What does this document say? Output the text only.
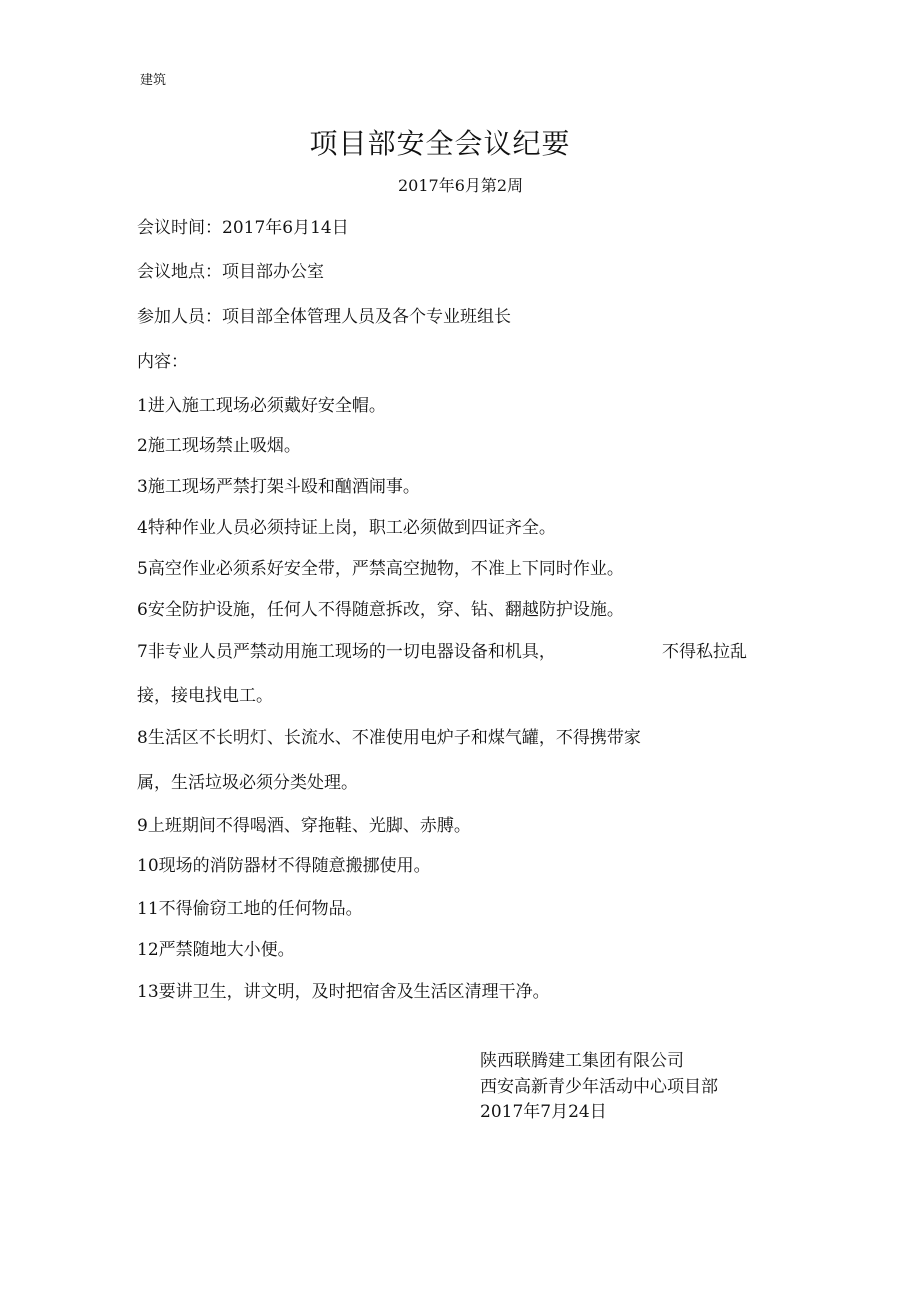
建筑
项目部安全会议纪要
2017年6月第2周
会议时间：2017年6月14日
会议地点：项目部办公室
参加人员：项目部全体管理人员及各个专业班组长
内容：
1进入施工现场必须戴好安全帽。
2施工现场禁止吸烟。
3施工现场严禁打架斗殴和酗酒闹事。
4特种作业人员必须持证上岗，职工必须做到四证齐全。
5高空作业必须系好安全带，严禁高空抛物，不准上下同时作业。
6安全防护设施，任何人不得随意拆改，穿、钻、翻越防护设施。
7非专业人员严禁动用施工现场的一切电器设备和机具，	不得私拉乱
接，接电找电工。
8生活区不长明灯、长流水、不准使用电炉子和煤气罐，不得携带家
属，生活垃圾必须分类处理。
9上班期间不得喝酒、穿拖鞋、光脚、赤膊。
10现场的消防器材不得随意搬挪使用。
11不得偷窃工地的任何物品。
12严禁随地大小便。
13要讲卫生，讲文明，及时把宿舍及生活区清理干净。
陕西联腾建工集团有限公司
西安高新青少年活动中心项目部
2017年7月24日
